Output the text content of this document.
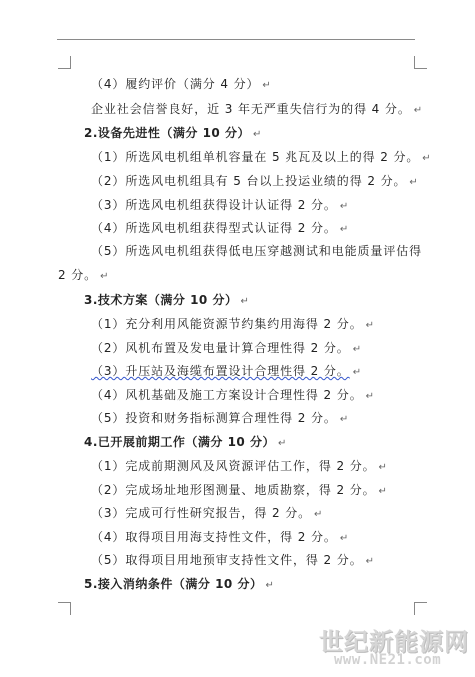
（4）履约评价（满分 4 分） ↵
企业社会信誉良好，近 3 年无严重失信行为的得 4 分。 ↵
2.设备先进性（满分 10 分） ↵
（1）所选风电机组单机容量在 5 兆瓦及以上的得 2 分。 ↵
（2）所选风电机组具有 5 台以上投运业绩的得 2 分。 ↵
（3）所选风电机组获得设计认证得 2 分。 ↵
（4）所选风电机组获得型式认证得 2 分。 ↵
（5）所选风电机组获得低电压穿越测试和电能质量评估得
2 分。 ↵
3.技术方案（满分 10 分） ↵
（1）充分利用风能资源节约集约用海得 2 分。 ↵
（2）风机布置及发电量计算合理性得 2 分。 ↵
（3）升压站及海缆布置设计合理性得 2 分。 ↵
（4）风机基础及施工方案设计合理性得 2 分。 ↵
（5）投资和财务指标测算合理性得 2 分。 ↵
4.已开展前期工作（满分 10 分） ↵
（1）完成前期测风及风资源评估工作，得 2 分。 ↵
（2）完成场址地形图测量、地质勘察，得 2 分。 ↵
（3）完成可行性研究报告，得 2 分。 ↵
（4）取得项目用海支持性文件，得 2 分。 ↵
（5）取得项目用地预审支持性文件，得 2 分。 ↵
5.接入消纳条件（满分 10 分） ↵
世纪新能源网
www.NE21.com
